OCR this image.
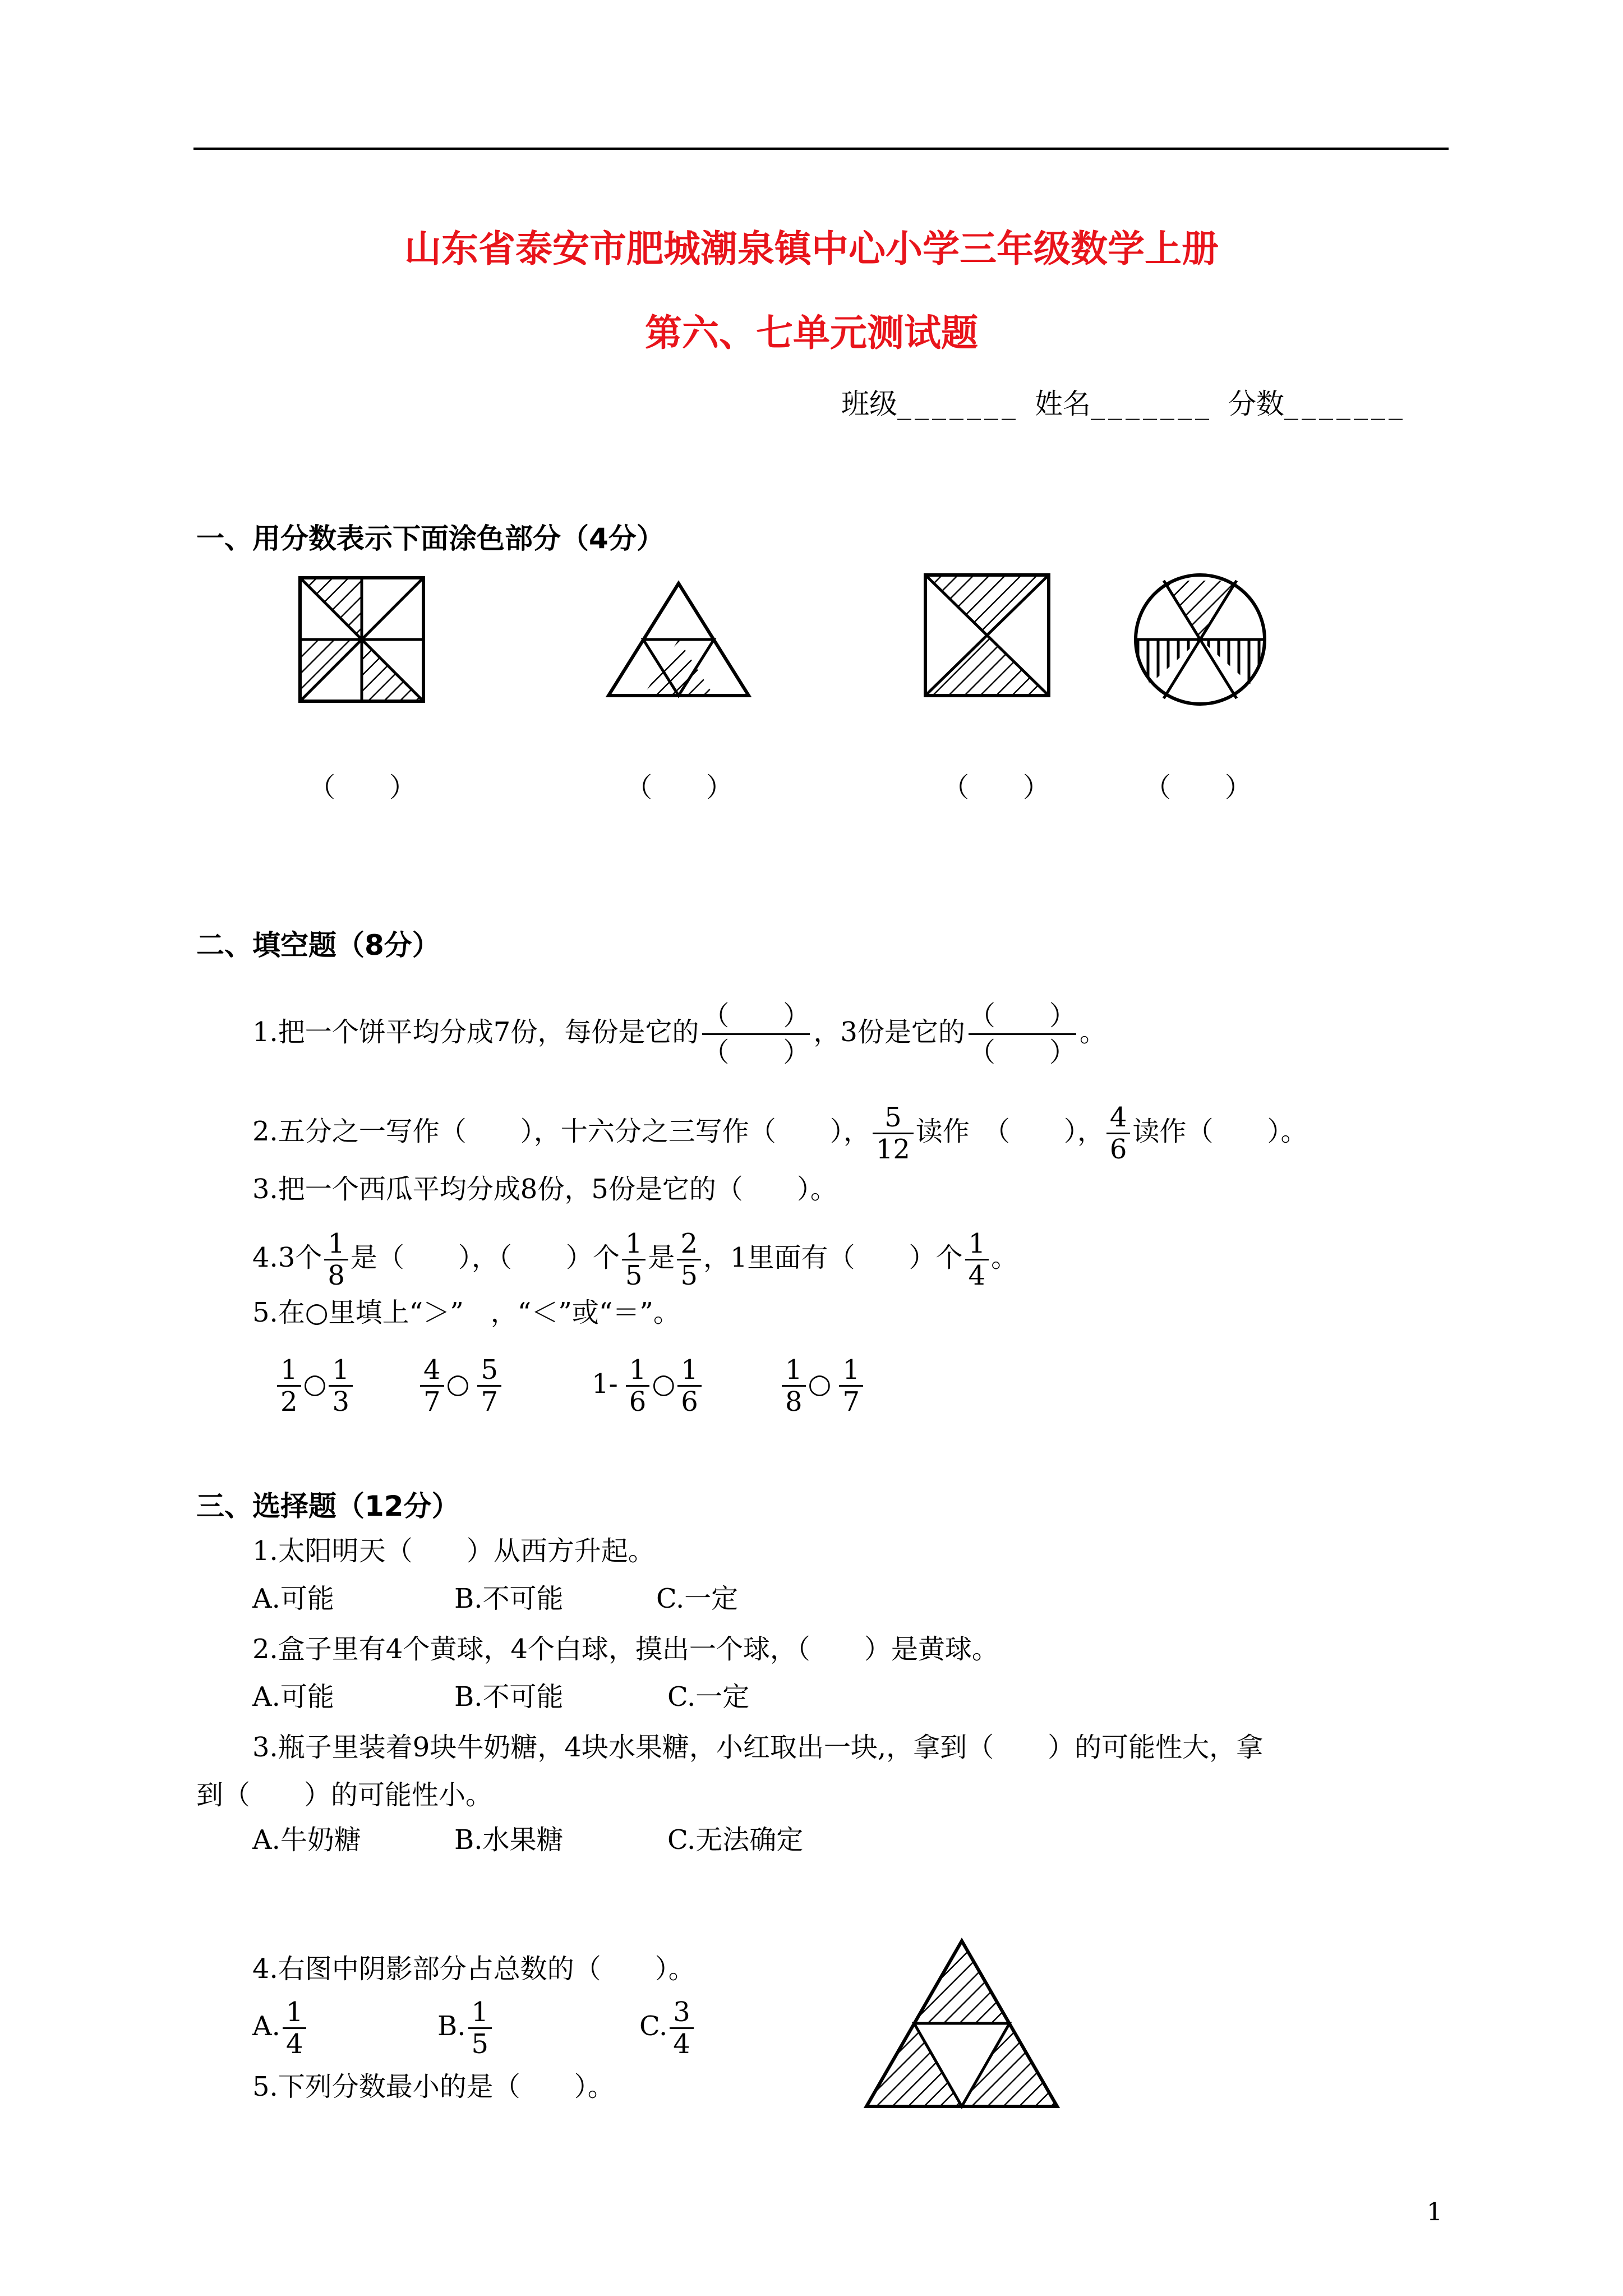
山东省泰安市肥城潮泉镇中心小学三年级数学上册
第六、七单元测试题
班级_______ 姓名_______ 分数_______
一、用分数表示下面涂色部分（4分）
（　　 ）	（　　 ）	（　　 ）	（　　 ）
二、填空题（8分）
1.把一个饼平均分成7份，每份是它的
（　　）
（　　）
，3份是它的
（　　）
（　　）
。
2.五分之一写作（　　），十六分之三写作（　　）， $\frac{5}{12}$ 读作　（　　）， $\frac{4}{6}$ 读作（　　）。
3.把一个西瓜平均分成8份，5份是它的（　　）。
4.3个 $\frac{1}{8}$ 是（　　），（　　）个 $\frac{1}{5}$ 是 $\frac{2}{5}$ ，1里面有（　　）个 $\frac{1}{4}$ 。
5.在○里填上“＞”　，“＜”或“＝”。
$\frac{1}{2}$ ○ $\frac{1}{3}$	$\frac{4}{7}$ ○ $\frac{5}{7}$	$1- \frac{1}{6}$ ○ $\frac{1}{6}$	$\frac{1}{8}$ ○ $\frac{1}{7}$
三、选择题（12分）
1.太阳明天（　　）从西方升起。
A.可能	B.不可能	C.一定
2.盒子里有4个黄球，4个白球，摸出一个球，（　　）是黄球。
A.可能	B.不可能	C.一定
3.瓶子里装着9块牛奶糖，4块水果糖，小红取出一块,，拿到（　　）的可能性大，拿
到（　　）的可能性小。
A.牛奶糖	B.水果糖	C.无法确定
4.右图中阴影部分占总数的（　　）。
A. $\frac{1}{4}$	B. $\frac{1}{5}$	C. $\frac{3}{4}$
5.下列分数最小的是（　　）。
1
